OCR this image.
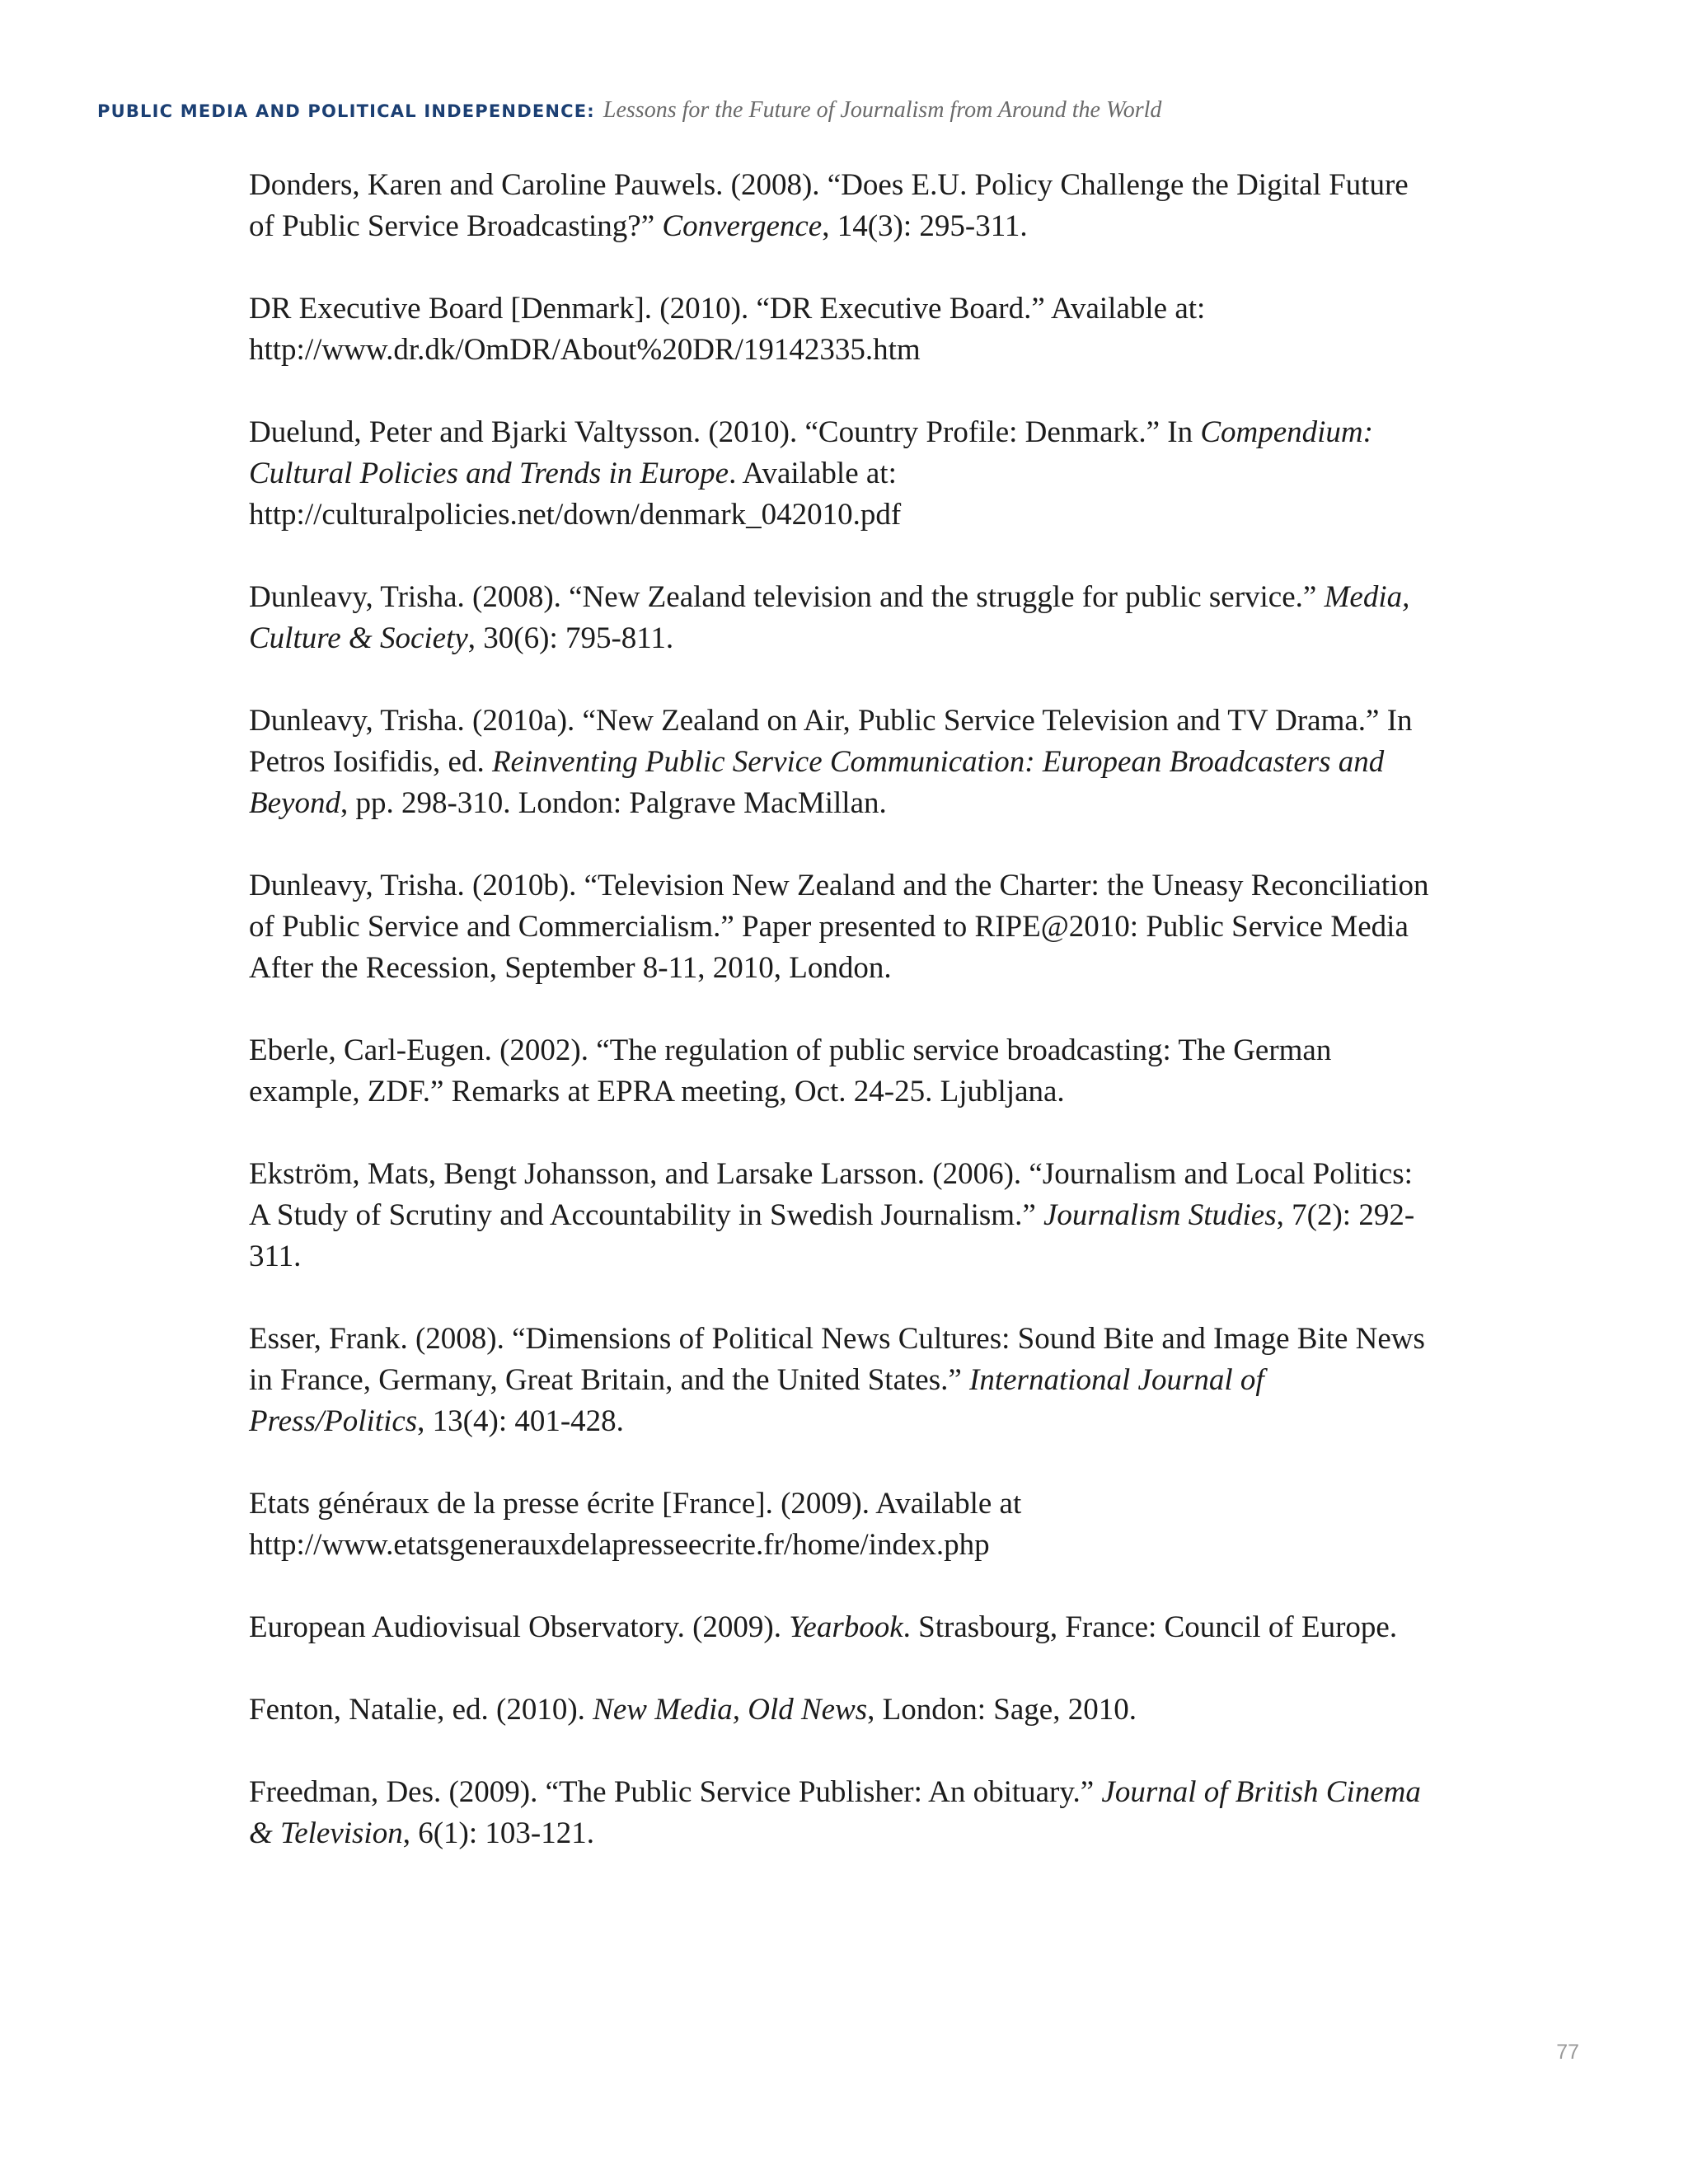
PUBLIC MEDIA AND POLITICAL INDEPENDENCE: Lessons for the Future of Journalism from Around the World
Donders, Karen and Caroline Pauwels. (2008). “Does E.U. Policy Challenge the Digital Future of Public Service Broadcasting?” Convergence, 14(3): 295-311.
DR Executive Board [Denmark]. (2010). “DR Executive Board.” Available at: http://www.dr.dk/OmDR/About%20DR/19142335.htm
Duelund, Peter and Bjarki Valtysson. (2010). “Country Profile: Denmark.” In Compendium: Cultural Policies and Trends in Europe. Available at: http://culturalpolicies.net/down/denmark_042010.pdf
Dunleavy, Trisha. (2008). “New Zealand television and the struggle for public service.” Media, Culture & Society, 30(6): 795-811.
Dunleavy, Trisha. (2010a). “New Zealand on Air, Public Service Television and TV Drama.” In Petros Iosifidis, ed. Reinventing Public Service Communication: European Broadcasters and Beyond, pp. 298-310. London: Palgrave MacMillan.
Dunleavy, Trisha. (2010b). “Television New Zealand and the Charter: the Uneasy Reconciliation of Public Service and Commercialism.” Paper presented to RIPE@2010: Public Service Media After the Recession, September 8-11, 2010, London.
Eberle, Carl-Eugen. (2002). “The regulation of public service broadcasting: The German example, ZDF.” Remarks at EPRA meeting, Oct. 24-25. Ljubljana.
Ekström, Mats, Bengt Johansson, and Larsake Larsson. (2006). “Journalism and Local Politics: A Study of Scrutiny and Accountability in Swedish Journalism.” Journalism Studies, 7(2): 292-311.
Esser, Frank. (2008). “Dimensions of Political News Cultures: Sound Bite and Image Bite News in France, Germany, Great Britain, and the United States.” International Journal of Press/Politics, 13(4): 401-428.
Etats généraux de la presse écrite [France]. (2009). Available at http://www.etatsgenerauxdelapresseecrite.fr/home/index.php
European Audiovisual Observatory. (2009). Yearbook. Strasbourg, France: Council of Europe.
Fenton, Natalie, ed. (2010). New Media, Old News, London: Sage, 2010.
Freedman, Des. (2009). “The Public Service Publisher: An obituary.” Journal of British Cinema & Television, 6(1): 103-121.
77
